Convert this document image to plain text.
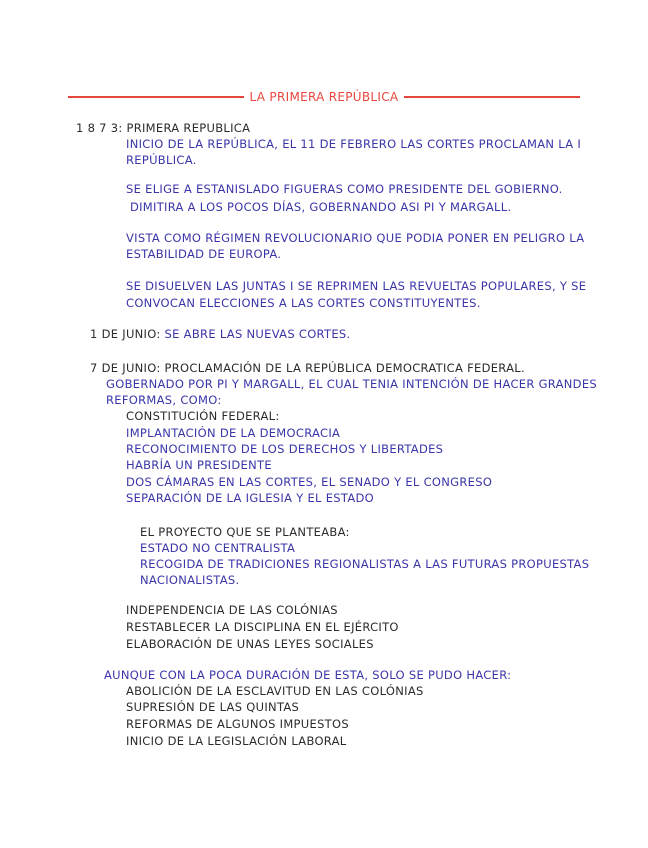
LA PRIMERA REPÚBLICA
1 8 7 3: PRIMERA REPUBLICA
INICIO DE LA REPÚBLICA, EL 11 DE FEBRERO LAS CORTES PROCLAMAN LA I
REPÚBLICA.
SE ELIGE A ESTANISLADO FIGUERAS COMO PRESIDENTE DEL GOBIERNO.
DIMITIRA A LOS POCOS DÍAS, GOBERNANDO ASI PI Y MARGALL.
VISTA COMO RÉGIMEN REVOLUCIONARIO QUE PODIA PONER EN PELIGRO LA
ESTABILIDAD DE EUROPA.
SE DISUELVEN LAS JUNTAS I SE REPRIMEN LAS REVUELTAS POPULARES, Y SE
CONVOCAN ELECCIONES A LAS CORTES CONSTITUYENTES.
1 DE JUNIO: SE ABRE LAS NUEVAS CORTES.
7 DE JUNIO: PROCLAMACIÓN DE LA REPÚBLICA DEMOCRATICA FEDERAL.
GOBERNADO POR PI Y MARGALL, EL CUAL TENIA INTENCIÓN DE HACER GRANDES
REFORMAS, COMO:
CONSTITUCIÓN FEDERAL:
IMPLANTACIÓN DE LA DEMOCRACIA
RECONOCIMIENTO DE LOS DERECHOS Y LIBERTADES
HABRÍA UN PRESIDENTE
DOS CÁMARAS EN LAS CORTES, EL SENADO Y EL CONGRESO
SEPARACIÓN DE LA IGLESIA Y EL ESTADO
EL PROYECTO QUE SE PLANTEABA:
ESTADO NO CENTRALISTA
RECOGIDA DE TRADICIONES REGIONALISTAS A LAS FUTURAS PROPUESTAS
NACIONALISTAS.
INDEPENDENCIA DE LAS COLÓNIAS
RESTABLECER LA DISCIPLINA EN EL EJÉRCITO
ELABORACIÓN DE UNAS LEYES SOCIALES
AUNQUE CON LA POCA DURACIÓN DE ESTA, SOLO SE PUDO HACER:
ABOLICIÓN DE LA ESCLAVITUD EN LAS COLÓNIAS
SUPRESIÓN DE LAS QUINTAS
REFORMAS DE ALGUNOS IMPUESTOS
INICIO DE LA LEGISLACIÓN LABORAL
